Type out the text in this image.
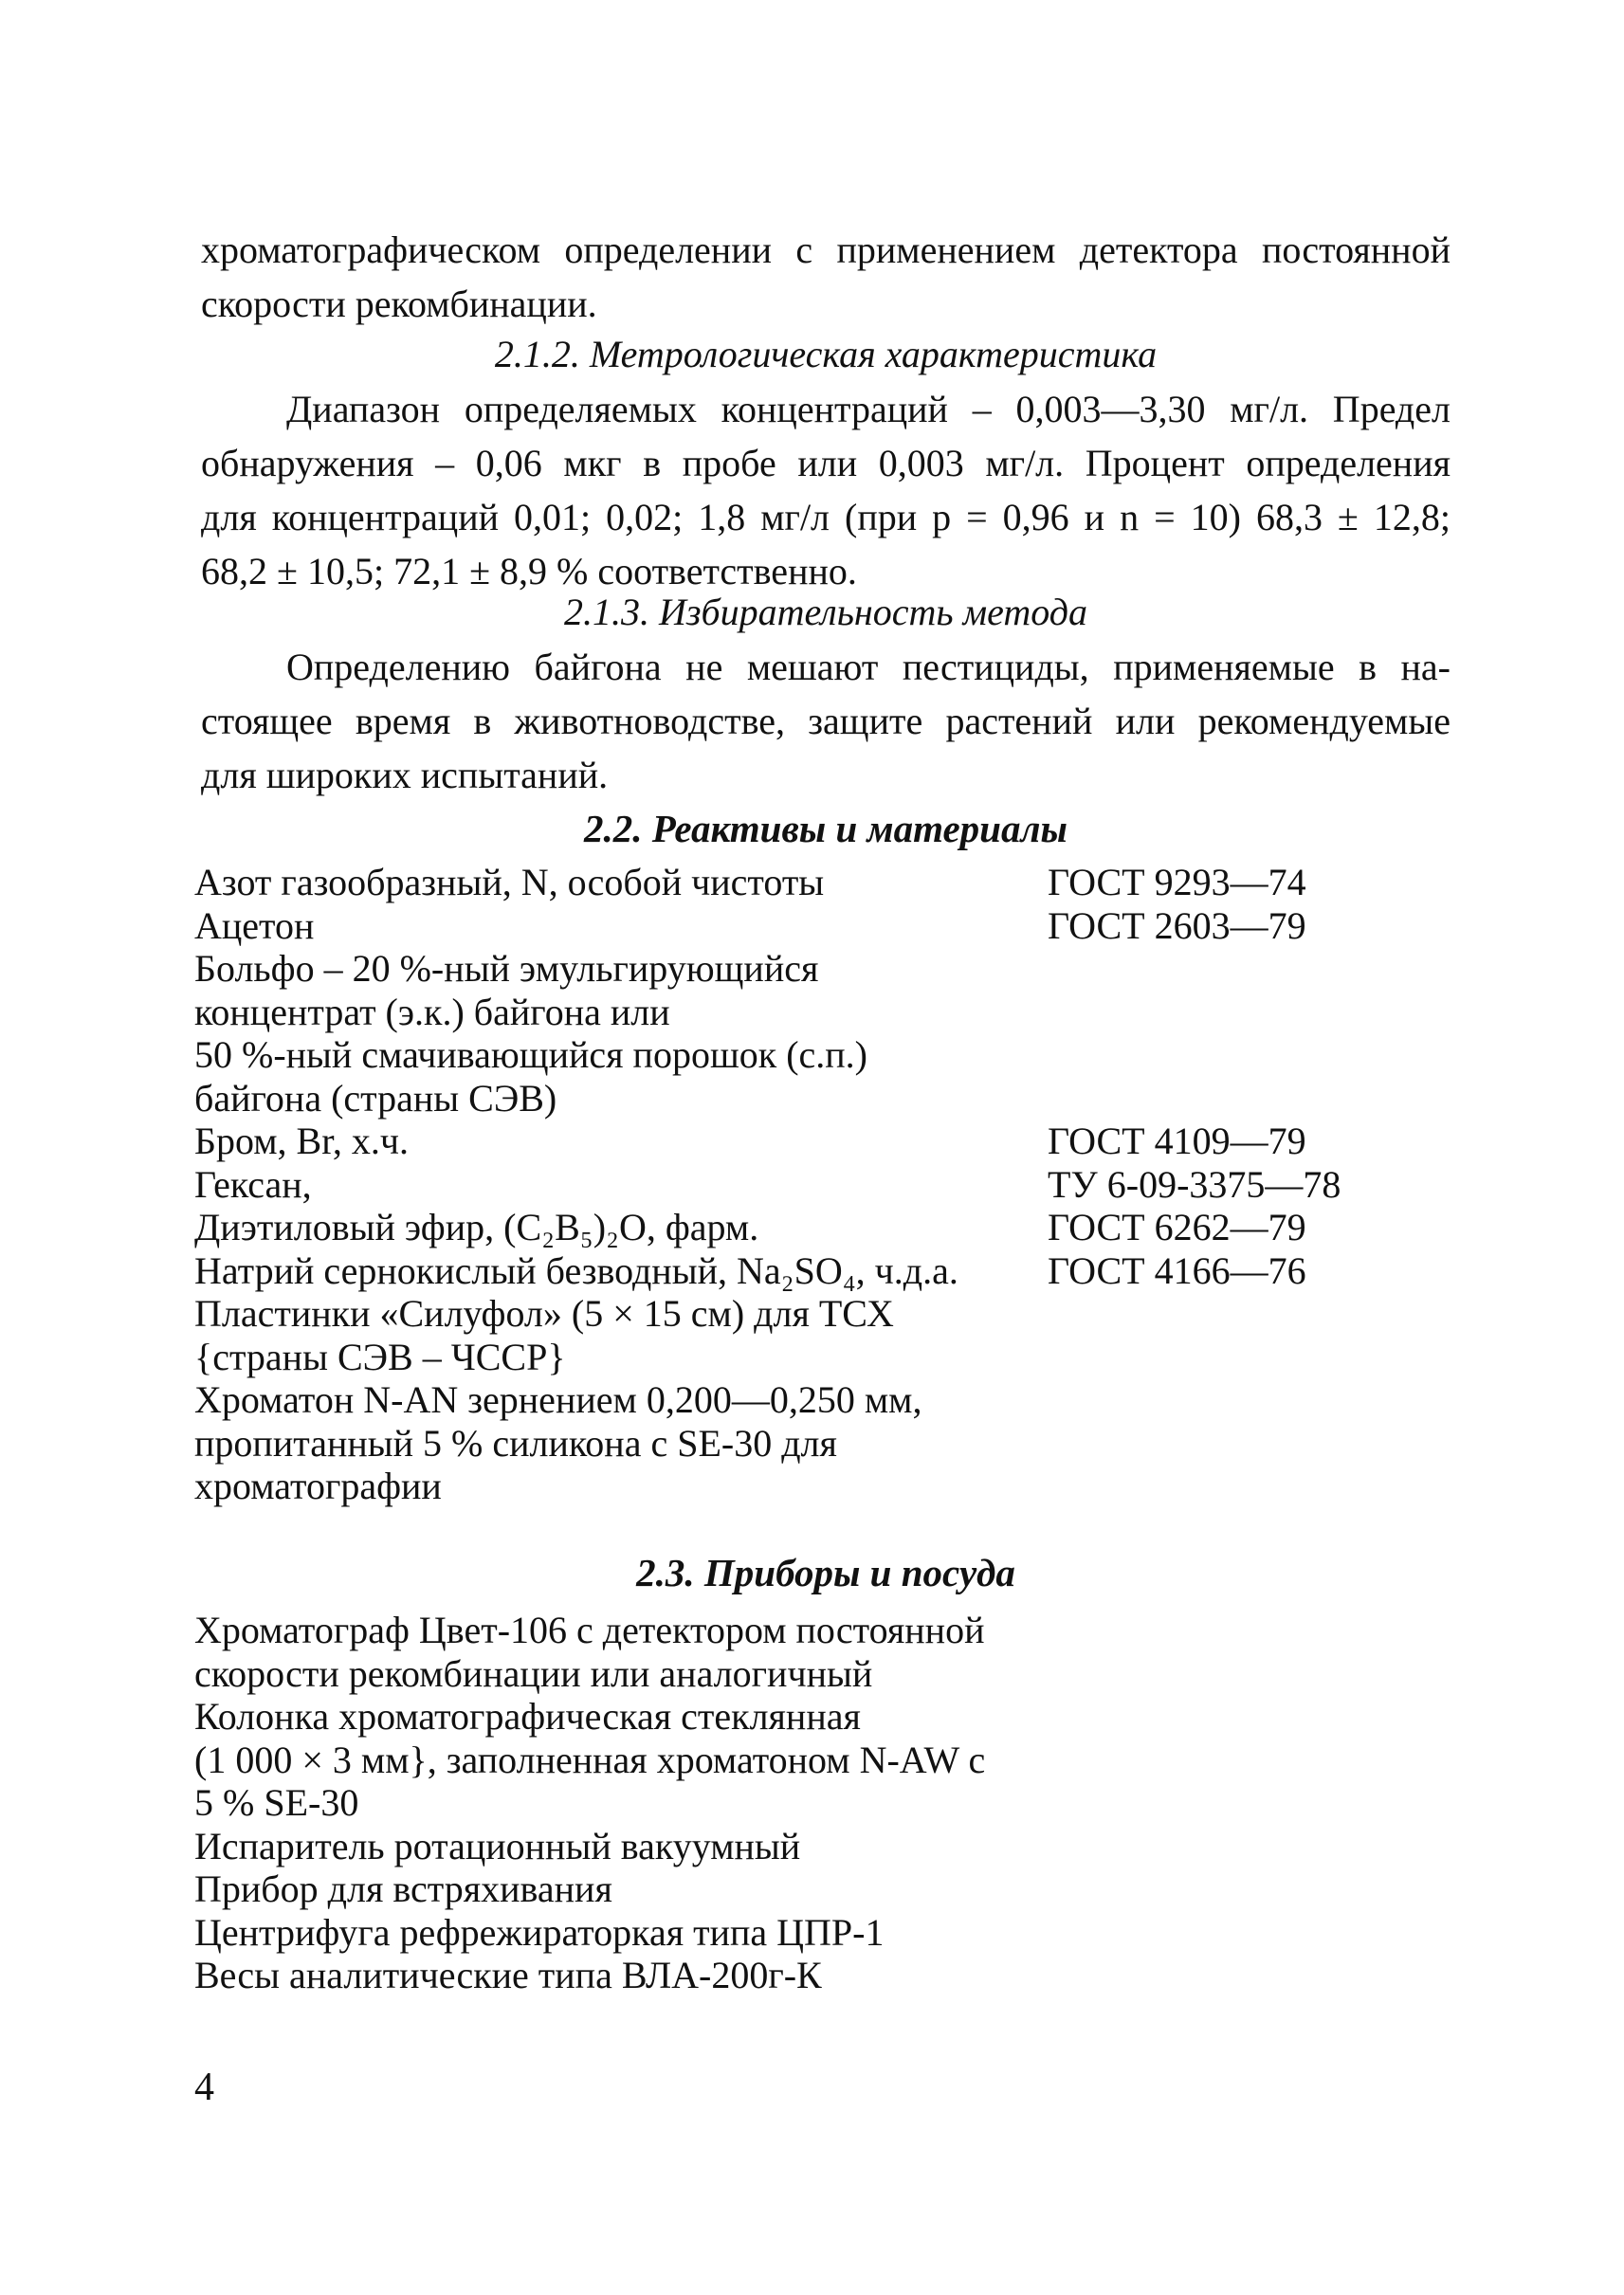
хроматографическом определении с применением детектора постоянной
скорости рекомбинации.
2.1.2. Метрологическая характеристика
Диапазон определяемых концентраций – 0,003—3,30 мг/л. Предел
обнаружения – 0,06 мкг в пробе или 0,003 мг/л. Процент определения
для концентраций 0,01; 0,02; 1,8 мг/л (при p = 0,96 и n = 10) 68,3 ± 12,8;
68,2 ± 10,5; 72,1 ± 8,9 % соответственно.
2.1.3. Избирательность метода
Определению байгона не мешают пестициды, применяемые в на-
стоящее время в животноводстве, защите растений или рекомендуемые
для широких испытаний.
2.2. Реактивы и материалы
Азот газообразный, N, особой чистоты	ГОСТ 9293—74
Ацетон	ГОСТ 2603—79
Больфо – 20 %-ный эмульгирующийся
концентрат (э.к.) байгона или
50 %-ный смачивающийся порошок (с.п.)
байгона (страны СЭВ)
Бром, Br, х.ч.	ГОСТ 4109—79
Гексан,	ТУ 6-09-3375—78
Диэтиловый эфир, (C₂B₅)₂O, фарм.	ГОСТ 6262—79
Натрий сернокислый безводный, Na₂SO₄, ч.д.а.	ГОСТ 4166—76
Пластинки «Силуфол» (5 × 15 см) для ТСХ
{страны СЭВ – ЧССР}
Хроматон N-AN зернением 0,200—0,250 мм,
пропитанный 5 % силикона с SE-30 для
хроматографии
2.3. Приборы и посуда
Хроматограф Цвет-106 с детектором постоянной
скорости рекомбинации или аналогичный
Колонка хроматографическая стеклянная
(1 000 × 3 мм}, заполненная хроматоном N-AW с
5 % SE-30
Испаритель ротационный вакуумный
Прибор для встряхивания
Центрифуга рефрежираторкая типа ЦПР-1
Весы аналитические типа ВЛА-200г-К
4
